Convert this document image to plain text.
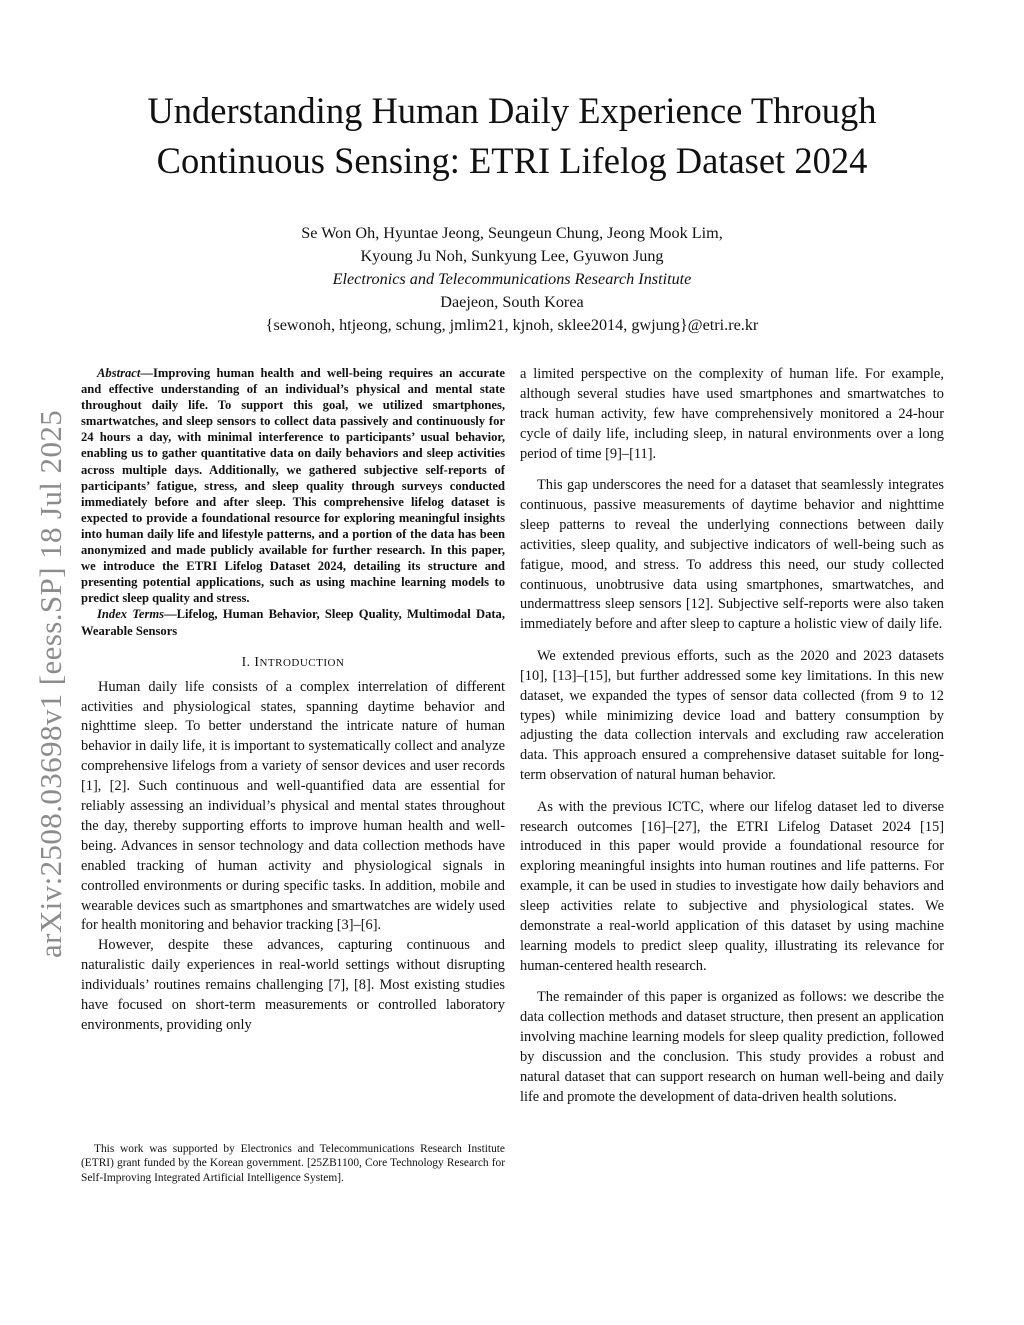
Understanding Human Daily Experience Through
Continuous Sensing: ETRI Lifelog Dataset 2024
Se Won Oh, Hyuntae Jeong, Seungeun Chung, Jeong Mook Lim,
Kyoung Ju Noh, Sunkyung Lee, Gyuwon Jung
Electronics and Telecommunications Research Institute
Daejeon, South Korea
{sewonoh, htjeong, schung, jmlim21, kjnoh, sklee2014, gwjung}@etri.re.kr
arXiv:2508.03698v1 [eess.SP] 18 Jul 2025

Abstract—Improving human health and well-being requires an accurate and effective understanding of an individual’s physical and mental state throughout daily life. To support this goal, we utilized smartphones, smartwatches, and sleep sensors to collect data passively and continuously for 24 hours a day, with minimal interference to participants’ usual behavior, enabling us to gather quantitative data on daily behaviors and sleep activities across multiple days. Additionally, we gathered subjective self-reports of participants’ fatigue, stress, and sleep quality through surveys conducted immediately before and after sleep. This comprehensive lifelog dataset is expected to provide a foundational resource for exploring meaningful insights into human daily life and lifestyle patterns, and a portion of the data has been anonymized and made publicly available for further research. In this paper, we introduce the ETRI Lifelog Dataset 2024, detailing its structure and presenting potential applications, such as using machine learning models to predict sleep quality and stress.

Index Terms—Lifelog, Human Behavior, Sleep Quality, Multimodal Data, Wearable Sensors

I. INTRODUCTION

Human daily life consists of a complex interrelation of different activities and physiological states, spanning daytime behavior and nighttime sleep. To better understand the intricate nature of human behavior in daily life, it is important to systematically collect and analyze comprehensive lifelogs from a variety of sensor devices and user records [1], [2]. Such continuous and well-quantified data are essential for reliably assessing an individual’s physical and mental states throughout the day, thereby supporting efforts to improve human health and well-being. Advances in sensor technology and data collection methods have enabled tracking of human activity and physiological signals in controlled environments or during specific tasks. In addition, mobile and wearable devices such as smartphones and smartwatches are widely used for health monitoring and behavior tracking [3]–[6].

However, despite these advances, capturing continuous and naturalistic daily experiences in real-world settings without disrupting individuals’ routines remains challenging [7], [8]. Most existing studies have focused on short-term measurements or controlled laboratory environments, providing only

This work was supported by Electronics and Telecommunications Research Institute (ETRI) grant funded by the Korean government. [25ZB1100, Core Technology Research for Self-Improving Integrated Artificial Intelligence System].

a limited perspective on the complexity of human life. For example, although several studies have used smartphones and smartwatches to track human activity, few have comprehensively monitored a 24-hour cycle of daily life, including sleep, in natural environments over a long period of time [9]–[11].

This gap underscores the need for a dataset that seamlessly integrates continuous, passive measurements of daytime behavior and nighttime sleep patterns to reveal the underlying connections between daily activities, sleep quality, and subjective indicators of well-being such as fatigue, mood, and stress. To address this need, our study collected continuous, unobtrusive data using smartphones, smartwatches, and undermattress sleep sensors [12]. Subjective self-reports were also taken immediately before and after sleep to capture a holistic view of daily life.

We extended previous efforts, such as the 2020 and 2023 datasets [10], [13]–[15], but further addressed some key limitations. In this new dataset, we expanded the types of sensor data collected (from 9 to 12 types) while minimizing device load and battery consumption by adjusting the data collection intervals and excluding raw acceleration data. This approach ensured a comprehensive dataset suitable for long-term observation of natural human behavior.

As with the previous ICTC, where our lifelog dataset led to diverse research outcomes [16]–[27], the ETRI Lifelog Dataset 2024 [15] introduced in this paper would provide a foundational resource for exploring meaningful insights into human routines and life patterns. For example, it can be used in studies to investigate how daily behaviors and sleep activities relate to subjective and physiological states. We demonstrate a real-world application of this dataset by using machine learning models to predict sleep quality, illustrating its relevance for human-centered health research.

The remainder of this paper is organized as follows: we describe the data collection methods and dataset structure, then present an application involving machine learning models for sleep quality prediction, followed by discussion and the conclusion. This study provides a robust and natural dataset that can support research on human well-being and daily life and promote the development of data-driven health solutions.
